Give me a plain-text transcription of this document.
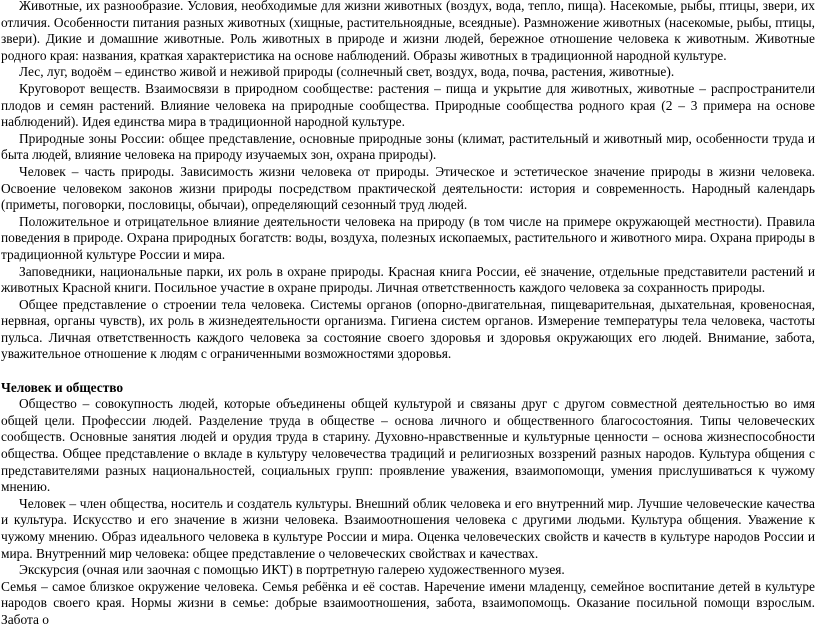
Животные, их разнообразие. Условия, необходимые для жизни животных (воздух, вода, тепло, пища). Насекомые, рыбы, птицы, звери, их отличия. Особенности питания разных животных (хищные, растительноядные, всеядные). Размножение животных (насекомые, рыбы, птицы, звери). Дикие и домашние животные. Роль животных в природе и жизни людей, бережное отношение человека к животным. Животные родного края: названия, краткая характеристика на основе наблюдений. Образы животных в традиционной народной культуре.

Лес, луг, водоём – единство живой и неживой природы (солнечный свет, воздух, вода, почва, растения, животные).

Круговорот веществ. Взаимосвязи в природном сообществе: растения – пища и укрытие для животных, животные – распространители плодов и семян растений. Влияние человека на природные сообщества. Природные сообщества родного края (2 – 3 примера на основе наблюдений). Идея единства мира в традиционной народной культуре.

Природные зоны России: общее представление, основные природные зоны (климат, растительный и животный мир, особенности труда и быта людей, влияние человека на природу изучаемых зон, охрана природы).

Человек – часть природы. Зависимость жизни человека от природы. Этическое и эстетическое значение природы в жизни человека. Освоение человеком законов жизни природы посредством практической деятельности: история и современность. Народный календарь (приметы, поговорки, пословицы, обычаи), определяющий сезонный труд людей.

Положительное и отрицательное влияние деятельности человека на природу (в том числе на примере окружающей местности). Правила поведения в природе. Охрана природных богатств: воды, воздуха, полезных ископаемых, растительного и животного мира. Охрана природы в традиционной культуре России и мира.

Заповедники, национальные парки, их роль в охране природы. Красная книга России, её значение, отдельные представители растений и животных Красной книги. Посильное участие в охране природы. Личная ответственность каждого человека за сохранность природы.

Общее представление о строении тела человека. Системы органов (опорно-двигательная, пищеварительная, дыхательная, кровеносная, нервная, органы чувств), их роль в жизнедеятельности организма. Гигиена систем органов. Измерение температуры тела человека, частоты пульса. Личная ответственность каждого человека за состояние своего здоровья и здоровья окружающих его людей. Внимание, забота, уважительное отношение к людям с ограниченными возможностями здоровья.

Человек и общество

Общество – совокупность людей, которые объединены общей культурой и связаны друг с другом совместной деятельностью во имя общей цели. Профессии людей. Разделение труда в обществе – основа личного и общественного благосостояния. Типы человеческих сообществ. Основные занятия людей и орудия труда в старину. Духовно-нравственные и культурные ценности – основа жизнеспособности общества. Общее представление о вкладе в культуру человечества традиций и религиозных воззрений разных народов. Культура общения с представителями разных национальностей, социальных групп: проявление уважения, взаимопомощи, умения прислушиваться к чужому мнению.

Человек – член общества, носитель и создатель культуры. Внешний облик человека и его внутренний мир. Лучшие человеческие качества и культура. Искусство и его значение в жизни человека. Взаимоотношения человека с другими людьми. Культура общения. Уважение к чужому мнению. Образ идеального человека в культуре России и мира. Оценка человеческих свойств и качеств в культуре народов России и мира. Внутренний мир человека: общее представление о человеческих свойствах и качествах.

Экскурсия (очная или заочная с помощью ИКТ) в портретную галерею художественного музея.

Семья – самое близкое окружение человека. Семья ребёнка и её состав. Наречение имени младенцу, семейное воспитание детей в культуре народов своего края. Нормы жизни в семье: добрые взаимоотношения, забота, взаимопомощь. Оказание посильной помощи взрослым. Забота о
